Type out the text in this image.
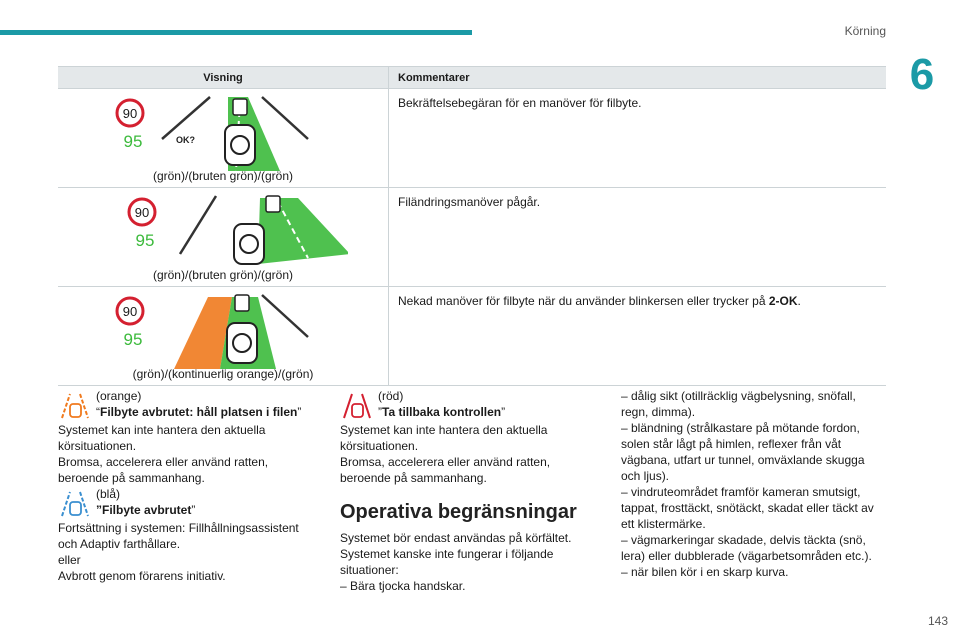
Körning
6
Visning	Kommentarer
90
95	OK?
(grön)/(bruten grön)/(grön)
Bekräftelsebegäran för en manöver för filbyte.
90
95
(grön)/(bruten grön)/(grön)
Filändringsmanöver pågår.
90
95
(grön)/(kontinuerlig orange)/(grön)
Nekad manöver för filbyte när du använder blinkersen eller trycker på 2-OK.

(orange)

“Filbyte avbrutet: håll platsen i filen”

Systemet kan inte hantera den aktuella körsituationen.

Bromsa, accelerera eller använd ratten, beroende på sammanhang.

(blå)

”Filbyte avbrutet”

Fortsättning i systemen: Fillhållningsassistent och Adaptiv farthållare.

eller

Avbrott genom förarens initiativ.

(röd)

”Ta tillbaka kontrollen”

Systemet kan inte hantera den aktuella körsituationen.

Bromsa, accelerera eller använd ratten, beroende på sammanhang.

Operativa begränsningar

Systemet bör endast användas på körfältet.

Systemet kanske inte fungerar i följande situationer:

– Bära tjocka handskar.

– dålig sikt (otillräcklig vägbelysning, snöfall, regn, dimma).

– bländning (strålkastare på mötande fordon, solen står lågt på himlen, reflexer från våt vägbana, utfart ur tunnel, omväxlande skugga och ljus).

– vindruteområdet framför kameran smutsigt, tappat, frosttäckt, snötäckt, skadat eller täckt av ett klistermärke.

– vägmarkeringar skadade, delvis täckta (snö, lera) eller dubblerade (vägarbetsområden etc.).

– när bilen kör i en skarp kurva.

143
